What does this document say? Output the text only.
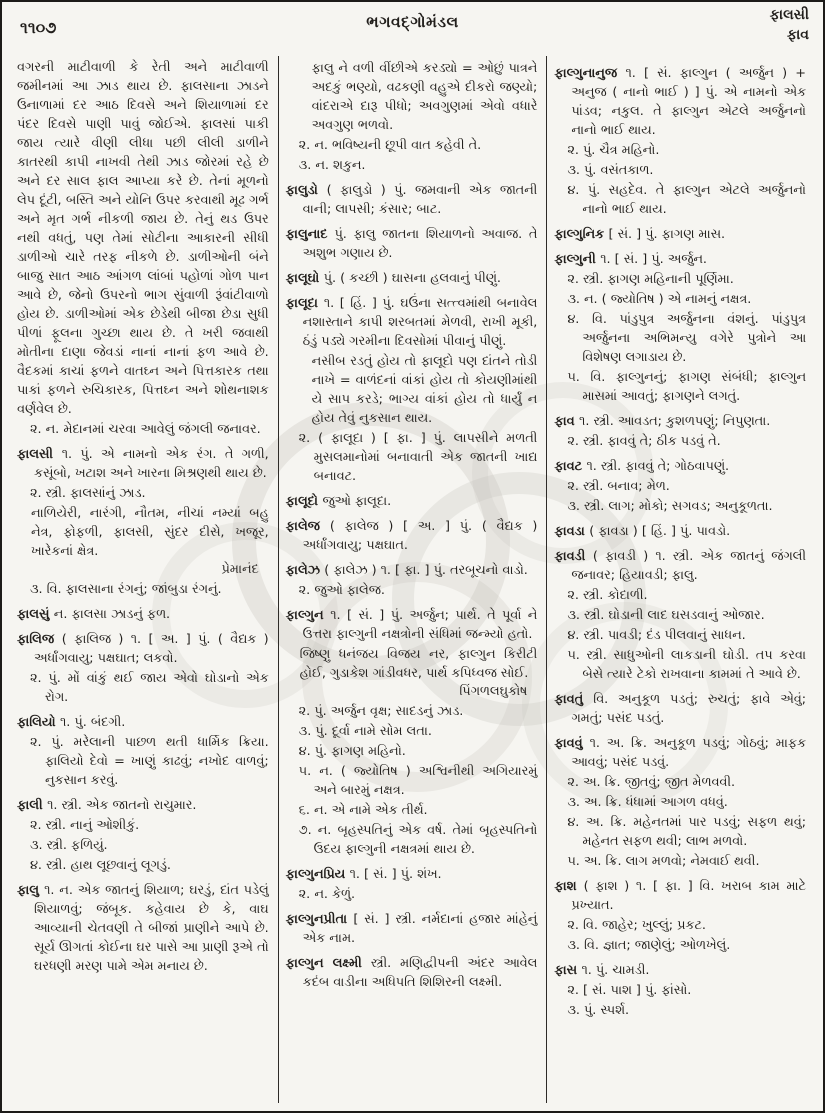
૧૧૦૭	ભગવદ્ગોમંડલ	ફાલસી
ફાવ
વગરની માટીવાળી કે રેતી અને માટીવાળી જમીનમાં આ ઝાડ થાય છે. ફાલસાના ઝાડને ઉનાળામાં દર આઠ દિવસે અને શિયાળામાં દર પંદર દિવસે પાણી પાવું જોઈએ. ફાલસાં પાકી જાય ત્યારે વીણી લીધા પછી લીલી ડાળીને કાતરથી કાપી નાખવી તેથી ઝાડ જોરમાં રહે છે અને દર સાલ ફાલ આપ્યા કરે છે. તેનાં મૂળનો લેપ દૂંટી, બસ્તિ અને યોનિ ઉપર કરવાથી મૂઢ ગર્ભ અને મૃત ગર્ભ નીકળી જાય છે. તેનું થડ ઉપર નથી વધતું, પણ તેમાં સોટીના આકારની સીધી ડાળીઓ ચારે તરફ નીકળે છે. ડાળીઓની બંને બાજુ સાત આઠ આંગળ લાંબાં પહોળાં ગોળ પાન આવે છે, જેનો ઉપરનો ભાગ સુંવાળી રૂંવાંટીવાળો હોય છે. ડાળીઓમાં એક છેડેથી બીજા છેડા સુધી પીળાં ફૂલના ગુચ્છા થાય છે. તે ખરી જવાથી મોતીના દાણા જેવડાં નાનાં નાનાં ફળ આવે છે. વૈદકમાં કાચાં ફળને વાતઘ્ન અને પિત્તકારક તથા પાકાં ફળને રુચિકારક, પિત્તઘ્ન અને શોથનાશક વર્ણવેલ છે.
૨. ન. મેદાનમાં ચરવા આવેલું જંગલી જનાવર.
ફાલસી ૧. પું. એ નામનો એક રંગ. તે ગળી, કસૂંબો, ખટાશ અને ખારના મિશ્રણથી થાય છે.
૨. સ્ત્રી. ફાલસાંનું ઝાડ.
નાળિયેરી, નારંગી, નૌતમ, નીચાં નમ્યાં બહુ નેત્ર, ફોફળી, ફાલસી, સુંદર દીસે, ખજૂર, ખારેકનાં ક્ષેત્ર.
પ્રેમાનંદ
૩. વિ. ફાલસાના રંગનું; જાંબુડા રંગનું.
ફાલસું ન. ફાલસા ઝાડનું ફળ.
ફાલિજ ( ફાલિજ ) ૧. [ અ. ] પું. ( વૈદ્યક ) અર્ધાંગવાયુ; પક્ષઘાત; લકવો.
૨. પું. મોં વાંકું થઈ જાય એવો ઘોડાનો એક રોગ.
ફાલિયો ૧. પું. બંદગી.
૨. પું. મરેલાની પાછળ થતી ધાર્મિક ક્રિયા. ફાલિયો દેવો = ખાણું કાઢવું; નખોદ વાળવું; નુકસાન કરવું.
ફાલી ૧. સ્ત્રી. એક જાતનો રાચુમાર.
૨. સ્ત્રી. નાનું ઓશીકું.
૩. સ્ત્રી. ફળિયું.
૪. સ્ત્રી. હાથ લૂછવાનું લૂગડું.
ફાલુ ૧. ન. એક જાતનું શિયાળ; ઘરડું, દાંત પડેલું શિયાળવું; જંબૂક. કહેવાય છે કે, વાઘ આવ્યાની ચેતવણી તે બીજાં પ્રાણીને આપે છે. સૂર્ય ઊગતાં કોઈના ઘર પાસે આ પ્રાણી રૂએ તો ઘરધણી મરણ પામે એમ મનાય છે.
ફાલુ ને વળી વીંછીએ કરડ્યો = ઓછું પાત્રને અદકું ભણ્યો, વઢકણી વહુએ દીકરો જણ્યો; વાંદરાએ દારૂ પીધો; અવગુણમાં એવો વધારે અવગુણ ભળવો.
૨. ન. ભવિષ્યની છૂપી વાત કહેવી તે.
૩. ન. શકુન.
ફાલુડો ( ફાલુડો ) પું. જમવાની એક જાતની વાની; લાપસી; કંસાર; બાટ.
ફાલુનાદ પું. ફાલુ જાતના શિયાળનો અવાજ. તે અશુભ ગણાય છે.
ફાલૂઘો પું. ( કચ્છી ) ઘાસના હલવાનું પીણું.
ફાલૂદા ૧. [ હિં. ] પું. ઘઉંના સત્ત્વમાંથી બનાવેલ નશાસ્તાને કાપી શરબતમાં મેળવી, રાખી મૂકી, ઠંડું પડ્યે ગરમીના દિવસોમાં પીવાનું પીણું.
નસીબ રડતું હોય તો ફાલૂદો પણ દાંતને તોડી નાખે = વાળંદનાં વાંકાં હોય તો કોયણીમાંથી યે સાપ કરડે; ભાગ્ય વાંકાં હોય તો ધાર્યું ન હોય તેવું નુકસાન થાય.
૨. ( ફાલૂદા ) [ ફા. ] પું. લાપસીને મળતી મુસલમાનોમાં બનાવાતી એક જાતની ખાદ્ય બનાવટ.
ફાલૂદો જુઓ ફાલૂદા.
ફાલેજ ( ફાલેજ ) [ અ. ] પું. ( વૈદ્યક ) અર્ધાંગવાયુ; પક્ષઘાત.
ફાલેઝ ( ફાલેઝ ) ૧. [ ફા. ] પું. તરબૂચનો વાડો.
૨. જુઓ ફાલેજ.
ફાલ્ગુન ૧. [ સં. ] પું. અર્જુન; પાર્થ. તે પૂર્વા ને ઉત્તરા ફાલ્ગુની નક્ષત્રોની સંધિમાં જન્મ્યો હતો.
જિષ્ણુ ધનંજય વિજય નર, ફાલ્ગુન કિરીટી હોઈ, ગુડાકેશ ગાંડીવધર, પાર્થ કપિધ્વજ સોઈ.
પિંગળલઘુકોષ
૨. પું. અર્જુન વૃક્ષ; સાદડનું ઝાડ.
૩. પું. દૂર્વા નામે સોમ લતા.
૪. પું. ફાગણ મહિનો.
૫. ન. ( જ્યોતિષ ) અશ્વિનીથી અગિયારમું અને બારમું નક્ષત્ર.
૬. ન. એ નામે એક તીર્થ.
૭. ન. બૃહસ્પતિનું એક વર્ષ. તેમાં બૃહસ્પતિનો ઉદય ફાલ્ગુની નક્ષત્રમાં થાય છે.
ફાલ્ગુનપ્રિય ૧. [ સં. ] પું. શંખ.
૨. ન. કેળું.
ફાલ્ગુનપ્રીતા [ સં. ] સ્ત્રી. નર્મદાનાં હજાર માંહેનું એક નામ.
ફાલ્ગુન લક્ષ્મી સ્ત્રી. મણિદ્વીપની અંદર આવેલ કદંબ વાડીના અધિપતિ શિશિરની લક્ષ્મી.
ફાલ્ગુનાનુજ ૧. [ સં. ફાલ્ગુન ( અર્જુન ) + અનુજ ( નાનો ભાઈ ) ] પું. એ નામનો એક પાંડવ; નકુલ. તે ફાલ્ગુન એટલે અર્જુનનો નાનો ભાઈ થાય.
૨. પું. ચૈત્ર મહિનો.
૩. પું. વસંતકાળ.
૪. પું. સહદેવ. તે ફાલ્ગુન એટલે અર્જુનનો નાનો ભાઈ થાય.
ફાલ્ગુનિક [ સં. ] પું. ફાગણ માસ.
ફાલ્ગુની ૧. [ સં. ] પું. અર્જુન.
૨. સ્ત્રી. ફાગણ મહિનાની પૂર્ણિમા.
૩. ન. ( જ્યોતિષ ) એ નામનું નક્ષત્ર.
૪. વિ. પાંડુપુત્ર અર્જુનના વંશનું. પાંડુપુત્ર અર્જુનના અભિમન્યુ વગેરે પુત્રોને આ વિશેષણ લગાડાય છે.
૫. વિ. ફાલ્ગુનનું; ફાગણ સંબંધી; ફાલ્ગુન માસમાં આવતું; ફાગણને લગતું.
ફાવ ૧. સ્ત્રી. આવડત; કુશળપણું; નિપુણતા.
૨. સ્ત્રી. ફાવવું તે; ઠીક પડવું તે.
ફાવટ ૧. સ્ત્રી. ફાવવું તે; ગોઠવાપણું.
૨. સ્ત્રી. બનાવ; મેળ.
૩. સ્ત્રી. લાગ; મોકો; સગવડ; અનુકૂળતા.
ફાવડા ( ફાવડા ) [ હિં. ] પું. પાવડો.
ફાવડી ( ફાવડી ) ૧. સ્ત્રી. એક જાતનું જંગલી જનાવર; હિયાવડી; ફાલુ.
૨. સ્ત્રી. કોદાળી.
૩. સ્ત્રી. ઘોડાની લાદ ઘસડવાનું ઓજાર.
૪. સ્ત્રી. પાવડી; દંડ પીલવાનું સાધન.
૫. સ્ત્રી. સાધુઓની લાકડાની ઘોડી. તપ કરવા બેસે ત્યારે ટેકો રાખવાના કામમાં તે આવે છે.
ફાવતું વિ. અનુકૂળ પડતું; રુચતું; ફાવે એવું; ગમતું; પસંદ પડતું.
ફાવવું ૧. અ. ક્રિ. અનુકૂળ પડવું; ગોઠવું; માફક આવવું; પસંદ પડવું.
૨. અ. ક્રિ. જીતવું; જીત મેળવવી.
૩. અ. ક્રિ. ધંધામાં આગળ વધવું.
૪. અ. ક્રિ. મહેનતમાં પાર પડવું; સફળ થવું; મહેનત સફળ થવી; લાભ મળવો.
૫. અ. ક્રિ. લાગ મળવો; નેમવાઈ થવી.
ફાશ ( ફાશ ) ૧. [ ફા. ] વિ. ખરાબ કામ માટે પ્રખ્યાત.
૨. વિ. જાહેર; ખુલ્લું; પ્રકટ.
૩. વિ. જ્ઞાત; જાણેલું; ઓળખેલું.
ફાસ ૧. પું. ચામડી.
૨. [ સં. પાશ ] પું. ફાંસો.
૩. પું. સ્પર્શ.
